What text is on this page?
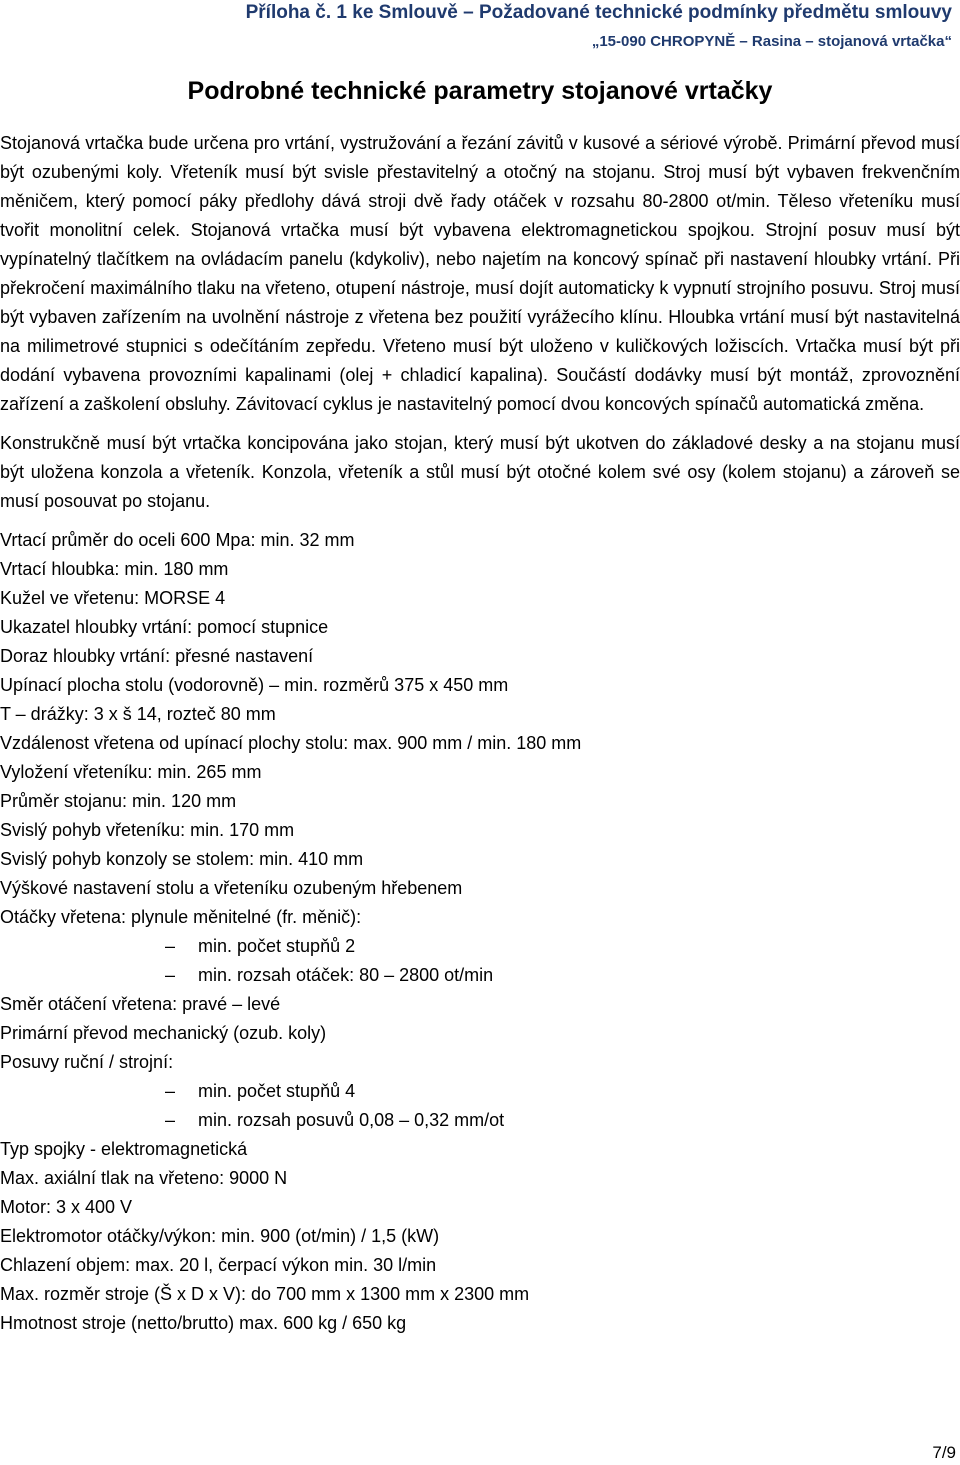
Příloha č. 1 ke Smlouvě – Požadované technické podmínky předmětu smlouvy
„15-090 CHROPYNĚ – Rasina – stojanová vrtačka“
Podrobné technické parametry stojanové vrtačky

Stojanová vrtačka bude určena pro vrtání, vystružování a řezání závitů v kusové a sériové výrobě. Primární převod musí být ozubenými koly. Vřeteník musí být svisle přestavitelný a otočný na stojanu. Stroj musí být vybaven frekvenčním měničem, který pomocí páky předlohy dává stroji dvě řady otáček v rozsahu 80-2800 ot/min. Těleso vřeteníku musí tvořit monolitní celek. Stojanová vrtačka musí být vybavena elektromagnetickou spojkou. Strojní posuv musí být vypínatelný tlačítkem na ovládacím panelu (kdykoliv), nebo najetím na koncový spínač při nastavení hloubky vrtání. Při překročení maximálního tlaku na vřeteno, otupení nástroje, musí dojít automaticky k vypnutí strojního posuvu. Stroj musí být vybaven zařízením na uvolnění nástroje z vřetena bez použití vyrážecího klínu. Hloubka vrtání musí být nastavitelná na milimetrové stupnici s odečítáním zepředu. Vřeteno musí být uloženo v kuličkových ložiscích. Vrtačka musí být při dodání vybavena provozními kapalinami (olej + chladicí kapalina). Součástí dodávky musí být montáž, zprovoznění zařízení a zaškolení obsluhy. Závitovací cyklus je nastavitelný pomocí dvou koncových spínačů automatická změna.

Konstrukčně musí být vrtačka koncipována jako stojan, který musí být ukotven do základové desky a na stojanu musí být uložena konzola a vřeteník. Konzola, vřeteník a stůl musí být otočné kolem své osy (kolem stojanu) a zároveň se musí posouvat po stojanu.

Vrtací průměr do oceli 600 Mpa: min. 32 mm
Vrtací hloubka: min. 180 mm
Kužel ve vřetenu: MORSE 4
Ukazatel hloubky vrtání: pomocí stupnice
Doraz hloubky vrtání: přesné nastavení
Upínací plocha stolu (vodorovně) – min. rozměrů 375 x 450 mm
T – drážky: 3 x š 14, rozteč 80 mm
Vzdálenost vřetena od upínací plochy stolu: max. 900 mm / min. 180 mm
Vyložení vřeteníku: min. 265 mm
Průměr stojanu: min. 120 mm
Svislý pohyb vřeteníku: min. 170 mm
Svislý pohyb konzoly se stolem: min. 410 mm
Výškové nastavení stolu a vřeteníku ozubeným hřebenem
Otáčky vřetena: plynule měnitelné (fr. měnič):
– min. počet stupňů 2
– min. rozsah otáček: 80 – 2800 ot/min
Směr otáčení vřetena: pravé – levé
Primární převod mechanický (ozub. koly)
Posuvy ruční / strojní:
– min. počet stupňů 4
– min. rozsah posuvů 0,08 – 0,32 mm/ot
Typ spojky - elektromagnetická
Max. axiální tlak na vřeteno: 9000 N
Motor: 3 x 400 V
Elektromotor otáčky/výkon: min. 900 (ot/min) / 1,5 (kW)
Chlazení objem: max. 20 l, čerpací výkon min. 30 l/min
Max. rozměr stroje (Š x D x V): do 700 mm x 1300 mm x 2300 mm
Hmotnost stroje (netto/brutto) max. 600 kg / 650 kg
7/9
